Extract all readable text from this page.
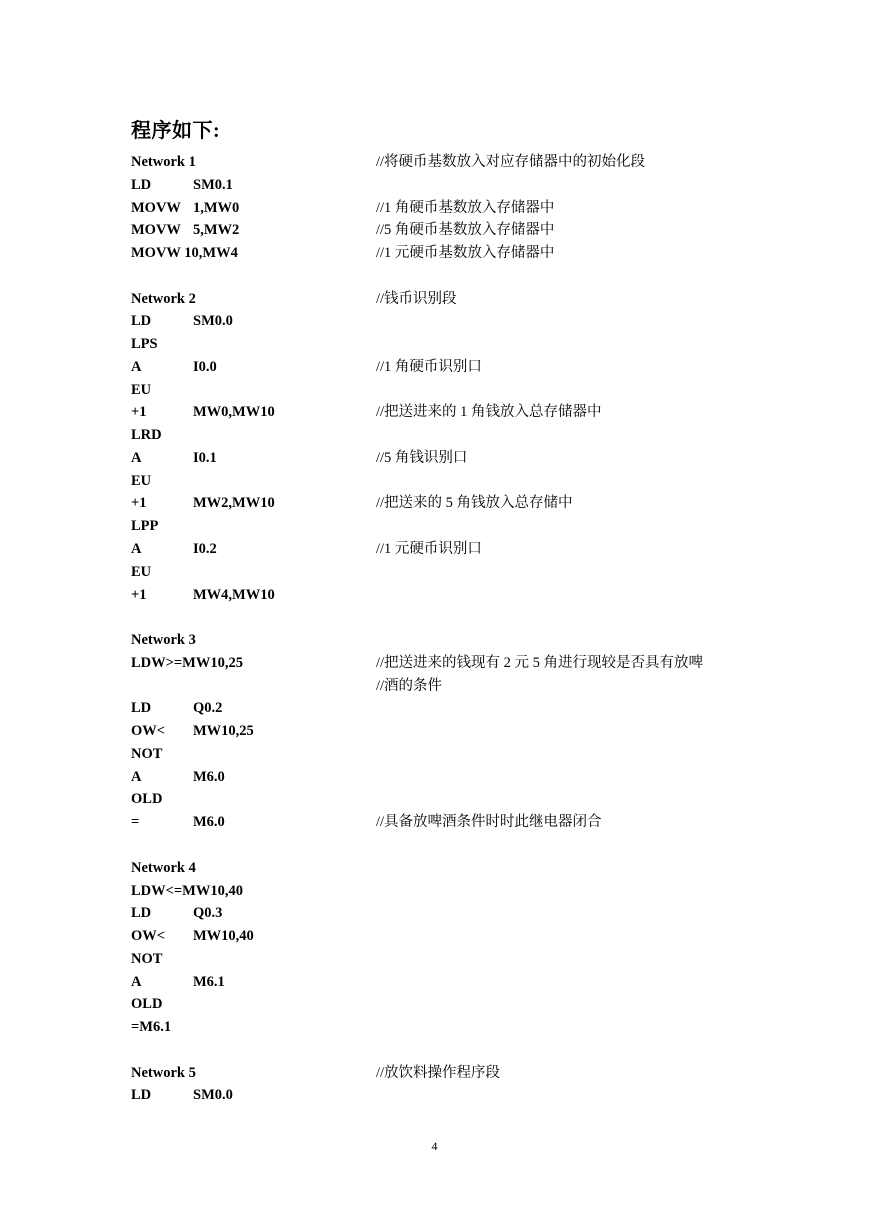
程序如下:
Network 1	//将硬币基数放入对应存储器中的初始化段
LD	SM0.1
MOVW 1,MW0	//1 角硬币基数放入存储器中
MOVW 5,MW2	//5 角硬币基数放入存储器中
MOVW 10,MW4	//1 元硬币基数放入存储器中
Network 2	//钱币识别段
LD	SM0.0
LPS
A	I0.0	//1 角硬币识别口
EU
+1	MW0,MW10	//把送进来的 1 角钱放入总存储器中
LRD
A	I0.1	//5 角钱识别口
EU
+1	MW2,MW10	//把送来的 5 角钱放入总存储中
LPP
A	I0.2	//1 元硬币识别口
EU
+1	MW4,MW10
Network 3
LDW>=MW10,25	//把送进来的钱现有 2 元 5 角进行现较是否具有放啤
//酒的条件
LD	Q0.2
OW< MW10,25
NOT
A	M6.0
OLD
=	M6.0	//具备放啤酒条件时时此继电器闭合
Network 4
LDW<=MW10,40
LD	Q0.3
OW< MW10,40
NOT
A	M6.1
OLD
=M6.1
Network 5	//放饮料操作程序段
LD	SM0.0
4
